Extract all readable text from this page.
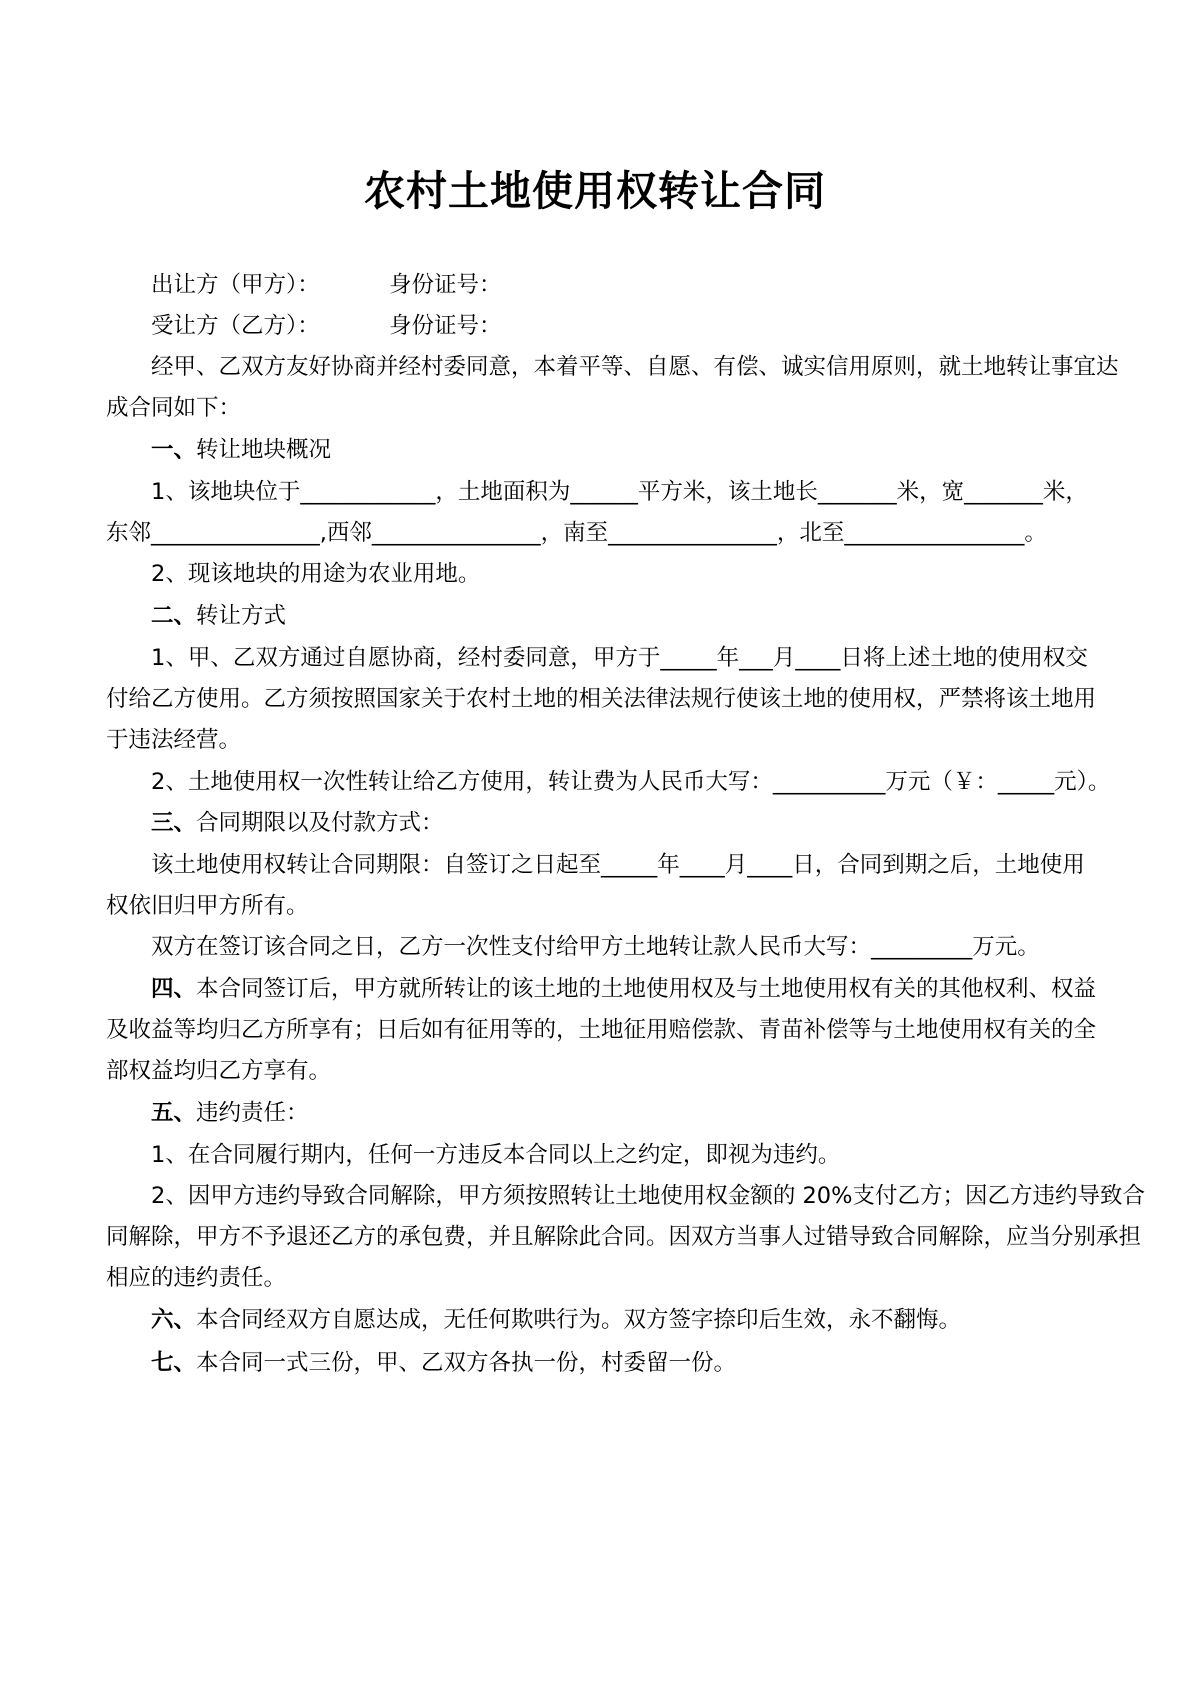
农村土地使用权转让合同
出让方（甲方）：	身份证号：
受让方（乙方）：	身份证号：

经甲、乙双方友好协商并经村委同意，本着平等、自愿、有偿、诚实信用原则，就土地转让事宜达

成合同如下：

一、转让地块概况

1、该地块位于____________，土地面积为______平方米，该土地长_______米，宽_______米，

东邻_______________,西邻_______________，南至_______________，北至________________。

2、现该地块的用途为农业用地。

二、转让方式

1、甲、乙双方通过自愿协商，经村委同意，甲方于_____年___月____日将上述土地的使用权交

付给乙方使用。乙方须按照国家关于农村土地的相关法律法规行使该土地的使用权，严禁将该土地用

于违法经营。

2、土地使用权一次性转让给乙方使用，转让费为人民币大写：__________万元（￥：_____元）。

三、合同期限以及付款方式：

该土地使用权转让合同期限：自签订之日起至_____年____月____日，合同到期之后，土地使用

权依旧归甲方所有。

双方在签订该合同之日，乙方一次性支付给甲方土地转让款人民币大写：_________万元。

四、本合同签订后，甲方就所转让的该土地的土地使用权及与土地使用权有关的其他权利、权益

及收益等均归乙方所享有；日后如有征用等的，土地征用赔偿款、青苗补偿等与土地使用权有关的全

部权益均归乙方享有。

五、违约责任：

1、在合同履行期内，任何一方违反本合同以上之约定，即视为违约。

2、因甲方违约导致合同解除，甲方须按照转让土地使用权金额的 20%支付乙方；因乙方违约导致合

同解除，甲方不予退还乙方的承包费，并且解除此合同。因双方当事人过错导致合同解除，应当分别承担

相应的违约责任。

六、本合同经双方自愿达成，无任何欺哄行为。双方签字捺印后生效，永不翻悔。
七、本合同一式三份，甲、乙双方各执一份，村委留一份。
